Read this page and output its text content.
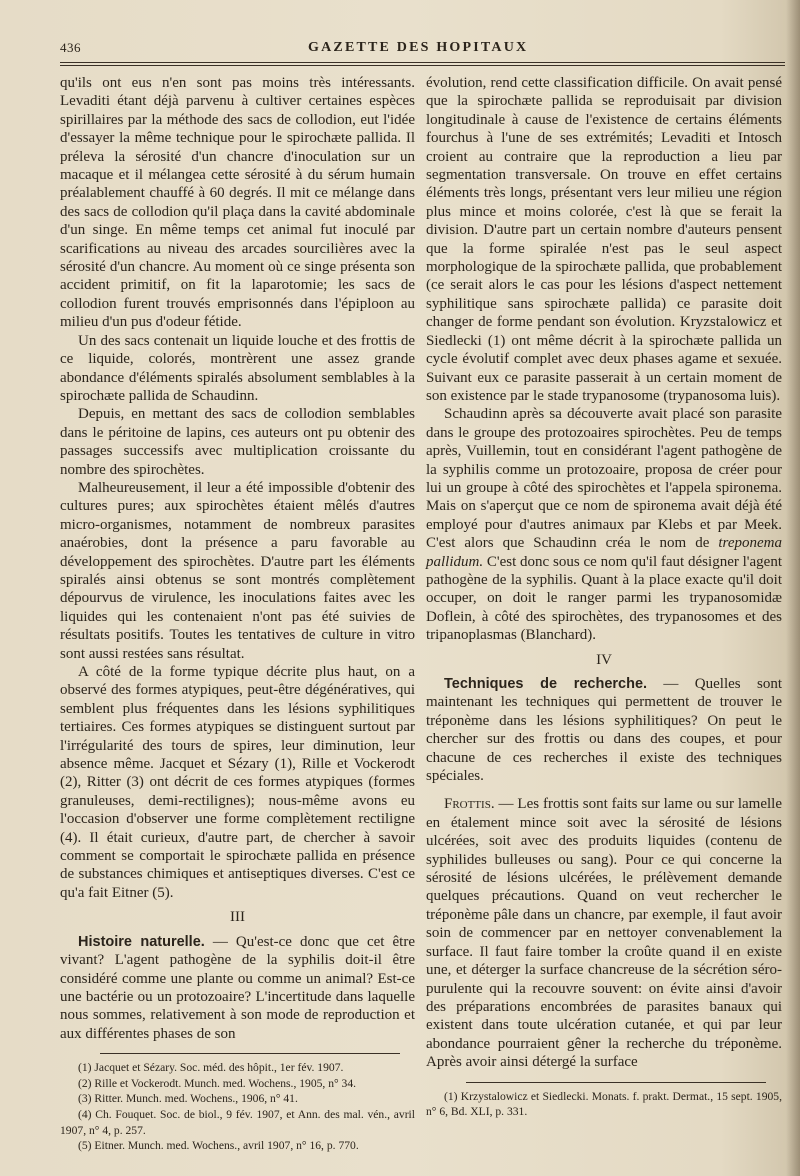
436	GAZETTE DES HOPITAUX

qu'ils ont eus n'en sont pas moins très intéressants. Levaditi étant déjà parvenu à cultiver certaines espèces spirillaires par la méthode des sacs de collodion, eut l'idée d'essayer la même technique pour le spirochæte pallida. Il préleva la sérosité d'un chancre d'inoculation sur un macaque et il mélangea cette sérosité à du sérum humain préalablement chauffé à 60 degrés. Il mit ce mélange dans des sacs de collodion qu'il plaça dans la cavité abdominale d'un singe. En même temps cet animal fut inoculé par scarifications au niveau des arcades sourcilières avec la sérosité d'un chancre. Au moment où ce singe présenta son accident primitif, on fit la laparotomie; les sacs de collodion furent trouvés emprisonnés dans l'épiploon au milieu d'un pus d'odeur fétide.

Un des sacs contenait un liquide louche et des frottis de ce liquide, colorés, montrèrent une assez grande abondance d'éléments spiralés absolument semblables à la spirochæte pallida de Schaudinn.

Depuis, en mettant des sacs de collodion semblables dans le péritoine de lapins, ces auteurs ont pu obtenir des passages successifs avec multiplication croissante du nombre des spirochètes.

Malheureusement, il leur a été impossible d'obtenir des cultures pures; aux spirochètes étaient mêlés d'autres micro-organismes, notamment de nombreux parasites anaérobies, dont la présence a paru favorable au développement des spirochètes. D'autre part les éléments spiralés ainsi obtenus se sont montrés complètement dépourvus de virulence, les inoculations faites avec les liquides qui les contenaient n'ont pas été suivies de résultats positifs. Toutes les tentatives de culture in vitro sont aussi restées sans résultat.

A côté de la forme typique décrite plus haut, on a observé des formes atypiques, peut-être dégénératives, qui semblent plus fréquentes dans les lésions syphilitiques tertiaires. Ces formes atypiques se distinguent surtout par l'irrégularité des tours de spires, leur diminution, leur absence même. Jacquet et Sézary (1), Rille et Vockerodt (2), Ritter (3) ont décrit de ces formes atypiques (formes granuleuses, demi-rectilignes); nous-même avons eu l'occasion d'observer une forme complètement rectiligne (4). Il était curieux, d'autre part, de chercher à savoir comment se comportait le spirochæte pallida en présence de substances chimiques et antiseptiques diverses. C'est ce qu'a fait Eitner (5).

III

Histoire naturelle. — Qu'est-ce donc que cet être vivant? L'agent pathogène de la syphilis doit-il être considéré comme une plante ou comme un animal? Est-ce une bactérie ou un protozoaire? L'incertitude dans laquelle nous sommes, relativement à son mode de reproduction et aux différentes phases de son

(1) Jacquet et Sézary. Soc. méd. des hôpit., 1er fév. 1907.
(2) Rille et Vockerodt. Munch. med. Wochens., 1905, n° 34.
(3) Ritter. Munch. med. Wochens., 1906, n° 41.
(4) Ch. Fouquet. Soc. de biol., 9 fév. 1907, et Ann. des mal. vén., avril 1907, n° 4, p. 257.
(5) Eitner. Munch. med. Wochens., avril 1907, n° 16, p. 770.

évolution, rend cette classification difficile. On avait pensé que la spirochæte pallida se reproduisait par division longitudinale à cause de l'existence de certains éléments fourchus à l'une de ses extrémités; Levaditi et Intosch croient au contraire que la reproduction a lieu par segmentation transversale. On trouve en effet certains éléments très longs, présentant vers leur milieu une région plus mince et moins colorée, c'est là que se ferait la division. D'autre part un certain nombre d'auteurs pensent que la forme spiralée n'est pas le seul aspect morphologique de la spirochæte pallida, que probablement (ce serait alors le cas pour les lésions d'aspect nettement syphilitique sans spirochæte pallida) ce parasite doit changer de forme pendant son évolution. Kryzstalowicz et Siedlecki (1) ont même décrit à la spirochæte pallida un cycle évolutif complet avec deux phases agame et sexuée. Suivant eux ce parasite passerait à un certain moment de son existence par le stade trypanosome (trypanosoma luis).

Schaudinn après sa découverte avait placé son parasite dans le groupe des protozoaires spirochètes. Peu de temps après, Vuillemin, tout en considérant l'agent pathogène de la syphilis comme un protozoaire, proposa de créer pour lui un groupe à côté des spirochètes et l'appela spironema. Mais on s'aperçut que ce nom de spironema avait déjà été employé pour d'autres animaux par Klebs et par Meek. C'est alors que Schaudinn créa le nom de treponema pallidum. C'est donc sous ce nom qu'il faut désigner l'agent pathogène de la syphilis. Quant à la place exacte qu'il doit occuper, on doit le ranger parmi les trypanosomidæ Doflein, à côté des spirochètes, des trypanosomes et des tripanoplasmas (Blanchard).

IV

Techniques de recherche. — Quelles sont maintenant les techniques qui permettent de trouver le tréponème dans les lésions syphilitiques? On peut le chercher sur des frottis ou dans des coupes, et pour chacune de ces recherches il existe des techniques spéciales.

Frottis. — Les frottis sont faits sur lame ou sur lamelle en étalement mince soit avec la sérosité de lésions ulcérées, soit avec des produits liquides (contenu de syphilides bulleuses ou sang). Pour ce qui concerne la sérosité de lésions ulcérées, le prélèvement demande quelques précautions. Quand on veut rechercher le tréponème pâle dans un chancre, par exemple, il faut avoir soin de commencer par en nettoyer convenablement la surface. Il faut faire tomber la croûte quand il en existe une, et déterger la surface chancreuse de la sécrétion séro-purulente qui la recouvre souvent: on évite ainsi d'avoir des préparations encombrées de parasites banaux qui existent dans toute ulcération cutanée, et qui par leur abondance pourraient gêner la recherche du tréponème. Après avoir ainsi détergé la surface

(1) Krzystalowicz et Siedlecki. Monats. f. prakt. Dermat., 15 sept. 1905, n° 6, Bd. XLI, p. 331.
